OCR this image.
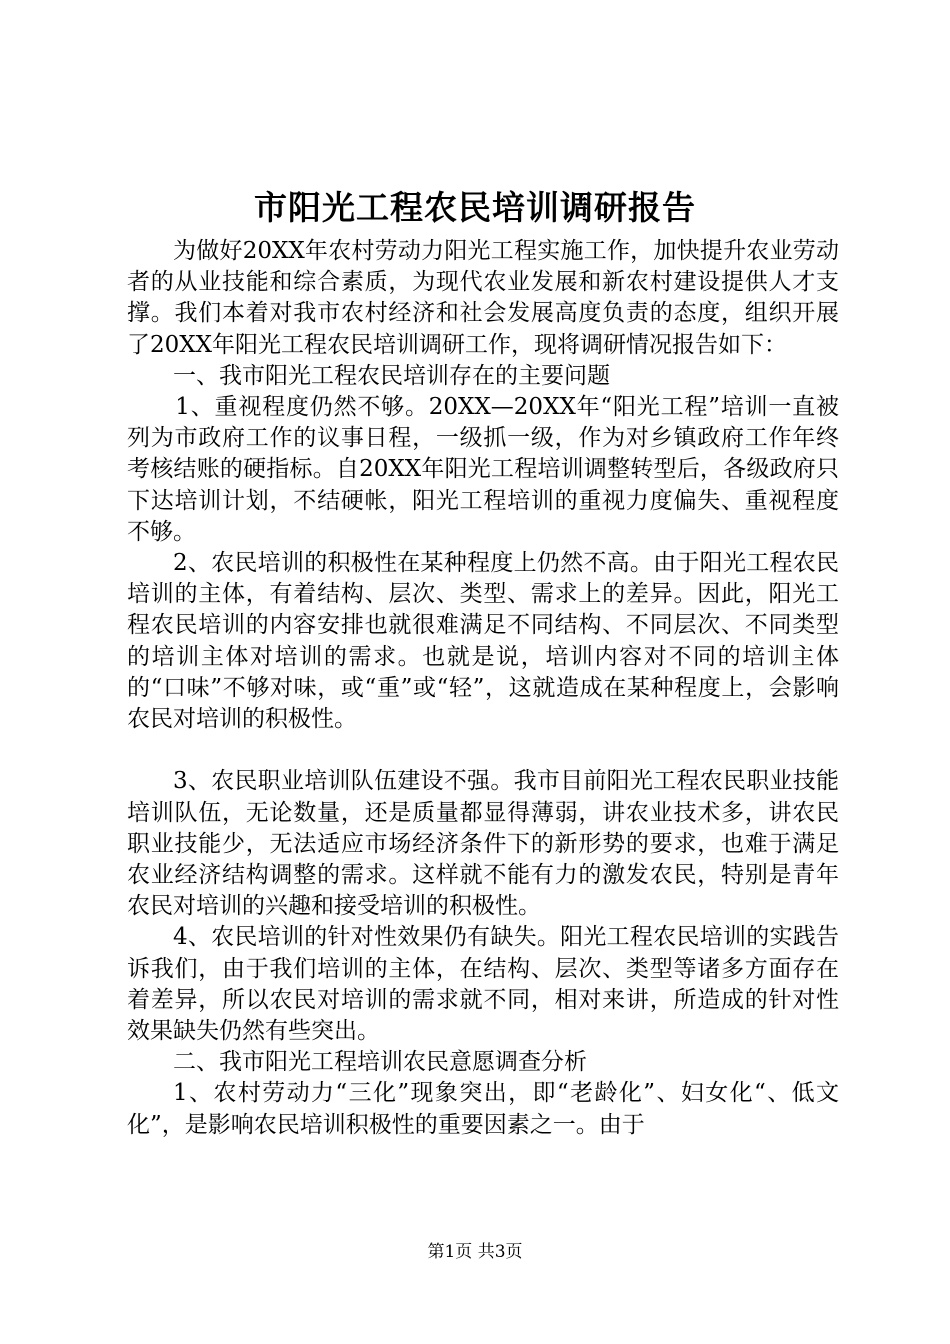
市阳光工程农民培训调研报告

为做好20XX年农村劳动力阳光工程实施工作，加快提升农业劳动者的从业技能和综合素质，为现代农业发展和新农村建设提供人才支撑。我们本着对我市农村经济和社会发展高度负责的态度，组织开展了20XX年阳光工程农民培训调研工作，现将调研情况报告如下：

一、我市阳光工程农民培训存在的主要问题

1、重视程度仍然不够。20XX—20XX年“阳光工程”培训一直被列为市政府工作的议事日程，一级抓一级，作为对乡镇政府工作年终考核结账的硬指标。自20XX年阳光工程培训调整转型后，各级政府只下达培训计划，不结硬帐，阳光工程培训的重视力度偏失、重视程度不够。

2、农民培训的积极性在某种程度上仍然不高。由于阳光工程农民培训的主体，有着结构、层次、类型、需求上的差异。因此，阳光工程农民培训的内容安排也就很难满足不同结构、不同层次、不同类型的培训主体对培训的需求。也就是说，培训内容对不同的培训主体的“口味”不够对味，或“重”或“轻”，这就造成在某种程度上，会影响农民对培训的积极性。

3、农民职业培训队伍建设不强。我市目前阳光工程农民职业技能培训队伍，无论数量，还是质量都显得薄弱，讲农业技术多，讲农民职业技能少，无法适应市场经济条件下的新形势的要求，也难于满足农业经济结构调整的需求。这样就不能有力的激发农民，特别是青年农民对培训的兴趣和接受培训的积极性。

4、农民培训的针对性效果仍有缺失。阳光工程农民培训的实践告诉我们，由于我们培训的主体，在结构、层次、类型等诸多方面存在着差异，所以农民对培训的需求就不同，相对来讲，所造成的针对性效果缺失仍然有些突出。

二、我市阳光工程培训农民意愿调查分析

1、农村劳动力“三化”现象突出，即“老龄化”、妇女化“、低文化”，是影响农民培训积极性的重要因素之一。由于

第1页 共3页
